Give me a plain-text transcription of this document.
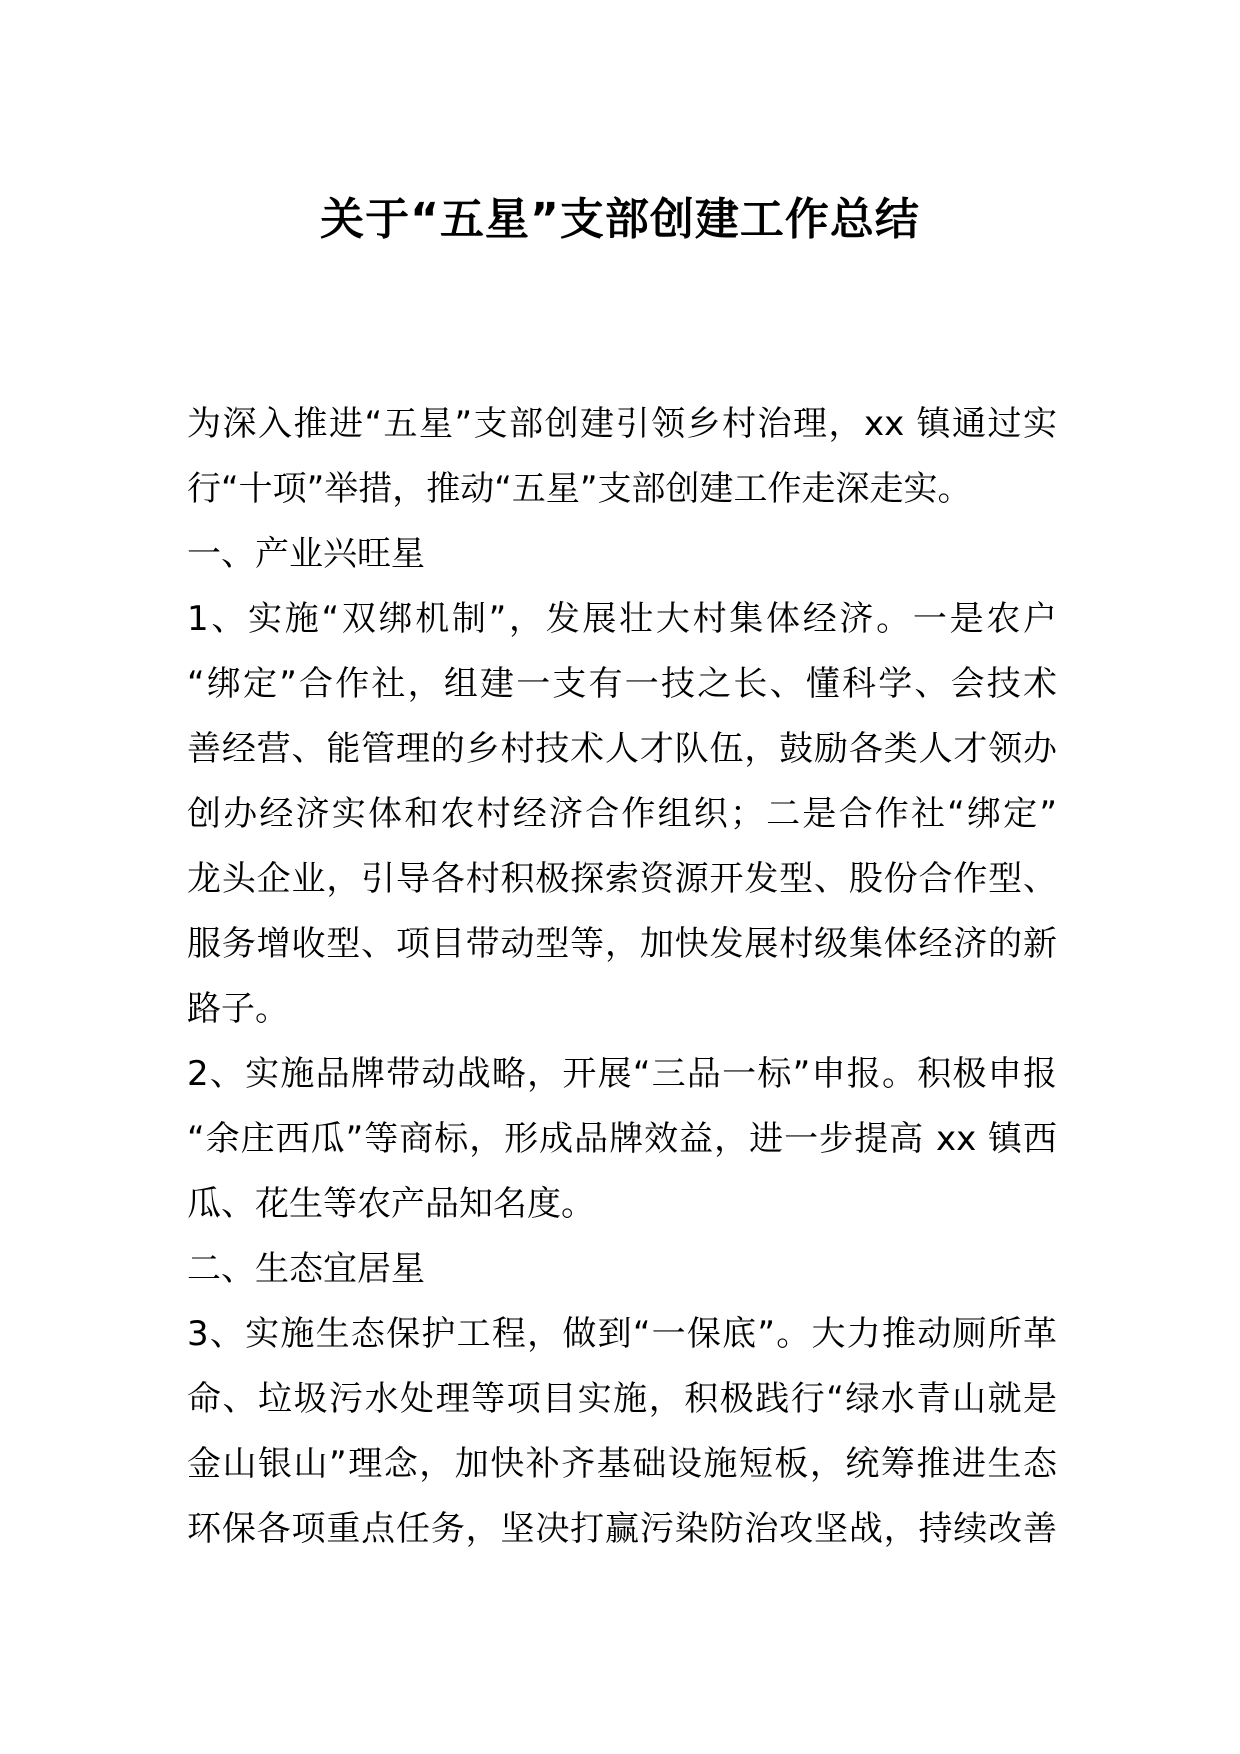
关于“五星”支部创建工作总结
为深入推进“五星”支部创建引领乡村治理，xx 镇通过实
行“十项”举措，推动“五星”支部创建工作走深走实。
一、产业兴旺星
1、实施“双绑机制”，发展壮大村集体经济。一是农户
“绑定”合作社，组建一支有一技之长、懂科学、会技术
善经营、能管理的乡村技术人才队伍，鼓励各类人才领办
创办经济实体和农村经济合作组织；二是合作社“绑定”
龙头企业，引导各村积极探索资源开发型、股份合作型、
服务增收型、项目带动型等，加快发展村级集体经济的新
路子。
2、实施品牌带动战略，开展“三品一标”申报。积极申报
“余庄西瓜”等商标，形成品牌效益，进一步提高 xx 镇西
瓜、花生等农产品知名度。
二、生态宜居星
3、实施生态保护工程，做到“一保底”。大力推动厕所革
命、垃圾污水处理等项目实施，积极践行“绿水青山就是
金山银山”理念，加快补齐基础设施短板，统筹推进生态
环保各项重点任务，坚决打赢污染防治攻坚战，持续改善
